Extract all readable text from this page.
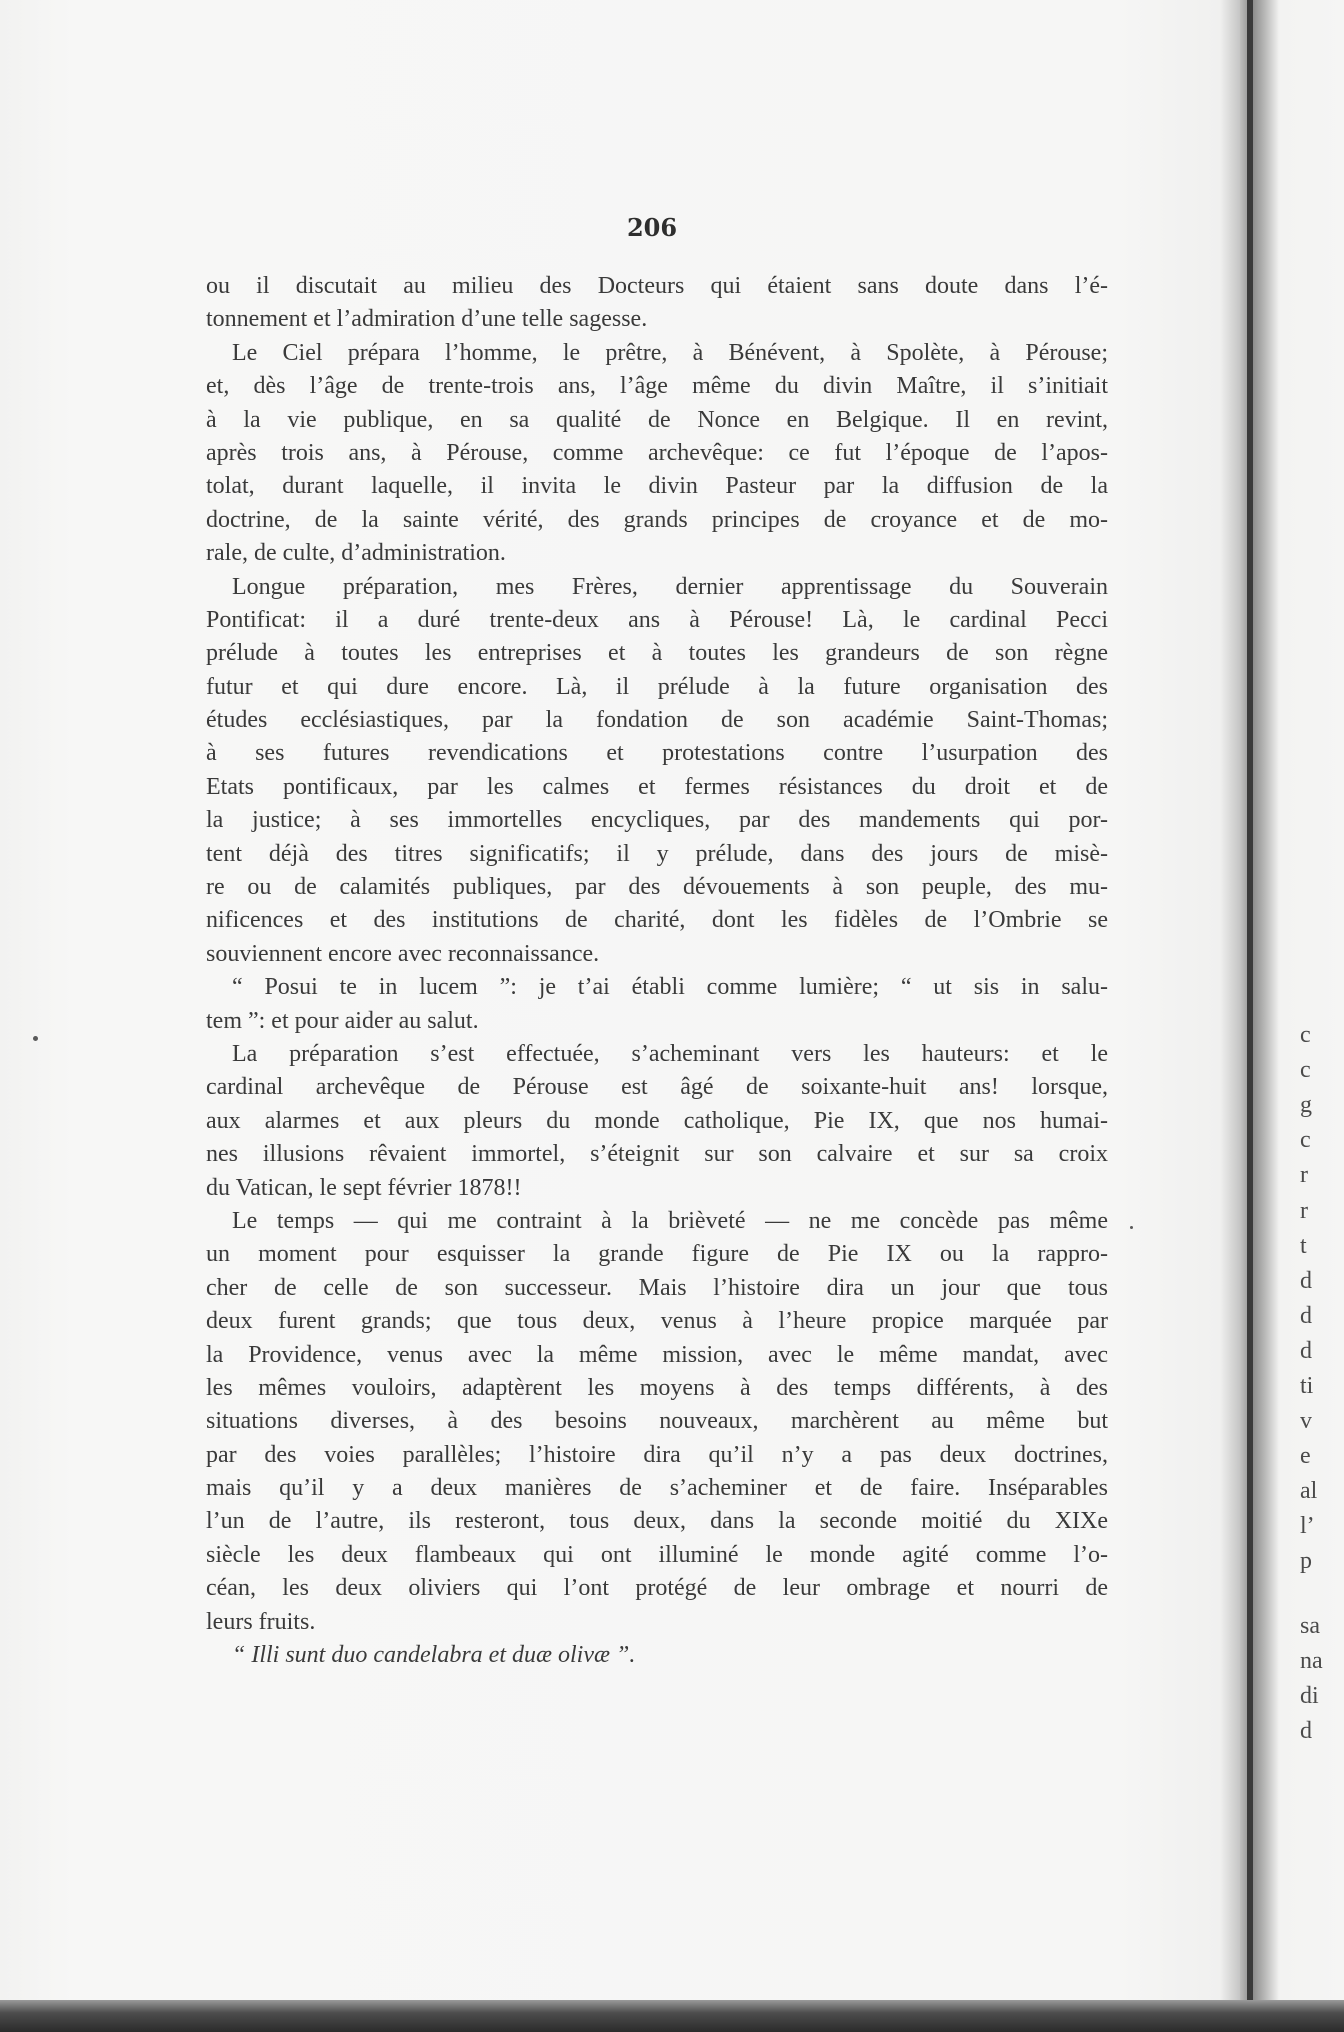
206
ou il discutait au milieu des Docteurs qui étaient sans doute dans l’é-
tonnement et l’admiration d’une telle sagesse.
Le Ciel prépara l’homme, le prêtre, à Bénévent, à Spolète, à Pérouse;
et, dès l’âge de trente-trois ans, l’âge même du divin Maître, il s’initiait
à la vie publique, en sa qualité de Nonce en Belgique. Il en revint,
après trois ans, à Pérouse, comme archevêque: ce fut l’époque de l’apos-
tolat, durant laquelle, il invita le divin Pasteur par la diffusion de la
doctrine, de la sainte vérité, des grands principes de croyance et de mo-
rale, de culte, d’administration.
Longue préparation, mes Frères, dernier apprentissage du Souverain
Pontificat: il a duré trente-deux ans à Pérouse! Là, le cardinal Pecci
prélude à toutes les entreprises et à toutes les grandeurs de son règne
futur et qui dure encore. Là, il prélude à la future organisation des
études ecclésiastiques, par la fondation de son académie Saint-Thomas;
à ses futures revendications et protestations contre l’usurpation des
Etats pontificaux, par les calmes et fermes résistances du droit et de
la justice; à ses immortelles encycliques, par des mandements qui por-
tent déjà des titres significatifs; il y prélude, dans des jours de misè-
re ou de calamités publiques, par des dévouements à son peuple, des mu-
nificences et des institutions de charité, dont les fidèles de l’Ombrie se
souviennent encore avec reconnaissance.
“ Posui te in lucem ”: je t’ai établi comme lumière; “ ut sis in salu-
tem ”: et pour aider au salut.
La préparation s’est effectuée, s’acheminant vers les hauteurs: et le
cardinal archevêque de Pérouse est âgé de soixante-huit ans! lorsque,
aux alarmes et aux pleurs du monde catholique, Pie IX, que nos humai-
nes illusions rêvaient immortel, s’éteignit sur son calvaire et sur sa croix
du Vatican, le sept février 1878!!
Le temps — qui me contraint à la brièveté — ne me concède pas même
un moment pour esquisser la grande figure de Pie IX ou la rappro-
cher de celle de son successeur. Mais l’histoire dira un jour que tous
deux furent grands; que tous deux, venus à l’heure propice marquée par
la Providence, venus avec la même mission, avec le même mandat, avec
les mêmes vouloirs, adaptèrent les moyens à des temps différents, à des
situations diverses, à des besoins nouveaux, marchèrent au même but
par des voies parallèles; l’histoire dira qu’il n’y a pas deux doctrines,
mais qu’il y a deux manières de s’acheminer et de faire. Inséparables
l’un de l’autre, ils resteront, tous deux, dans la seconde moitié du XIXe
siècle les deux flambeaux qui ont illuminé le monde agité comme l’o-
céan, les deux oliviers qui l’ont protégé de leur ombrage et nourri de
leurs fruits.
“ Illi sunt duo candelabra et duæ olivæ ”.
c
c
g
c
r
r
t
d
d
d
ti
v
e
al
l’
p
sa
na
di
d
